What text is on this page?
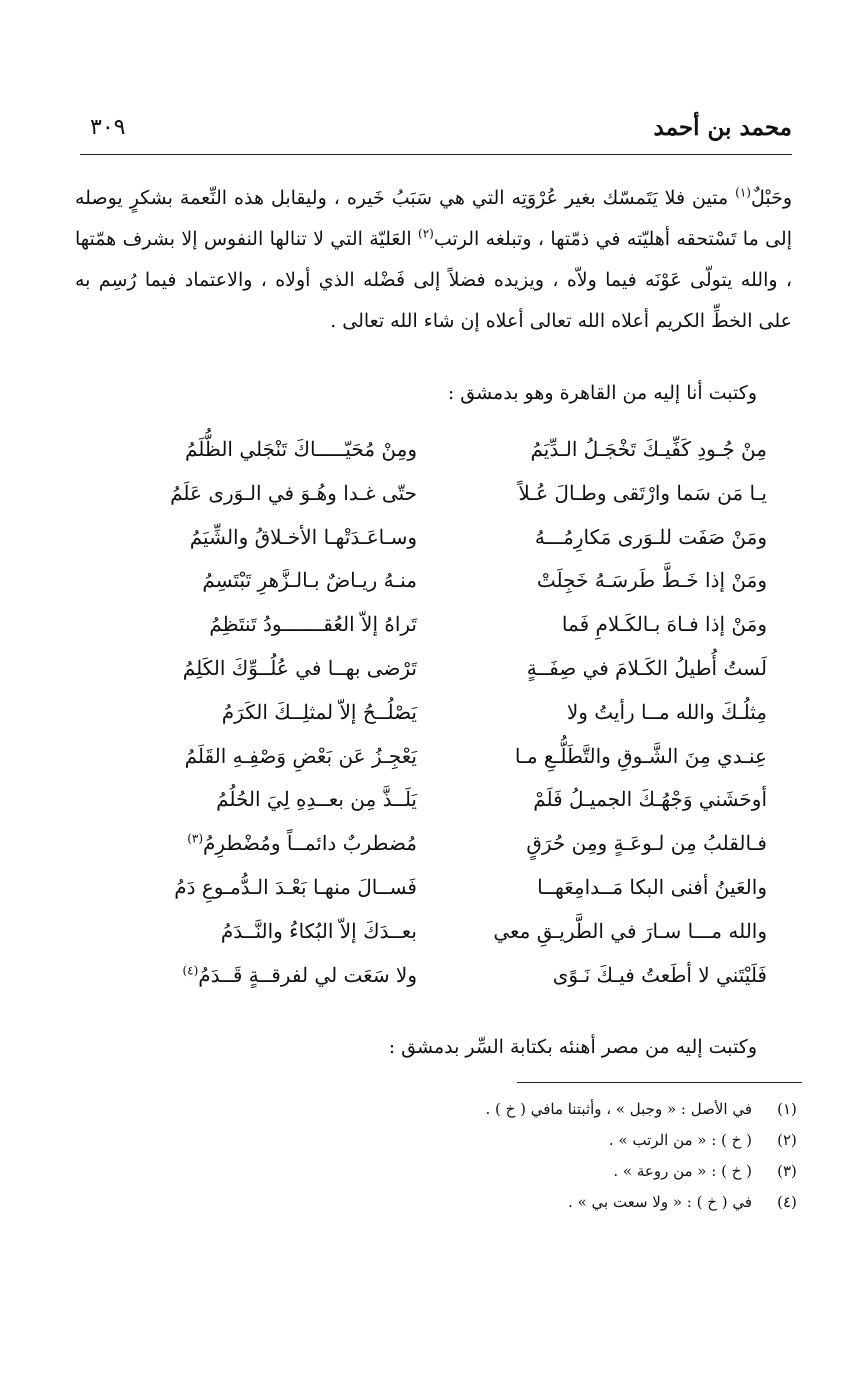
محمد بن أحمد
٣٠٩

وحَبْلٌ$^{(١)}$ متين فلا يَتَمسّك بغير عُرْوَتِه التي هي سَبَبُ خَيره ، وليقابل هذه النِّعمة بشكرٍ يوصله إلى ما تَسْتحقه أهليّته في ذمّتها ، وتبلغه الرتب$^{(٢)}$ العَليّة التي لا تنالها النفوس إلا بشرف همّتها ، والله يتولّى عَوْنَه فيما ولاّه ، ويزيده فضلاً إلى فَضْله الذي أولاه ، والاعتماد فيما رُسِم به على الخطِّ الكريم أعلاه الله تعالى أعلاه إن شاء الله تعالى .

وكتبت أنا إليه من القاهرة وهو بدمشق :
مِنْ جُـودِ كَفِّيـكَ تَخْجَـلُ الـدِّيَمُ
ومِنْ مُحَيّـــــاكَ تَنْجَلي الظُّلَمُ
يـا مَن سَما وارْتَقى وطـالَ عُـلاً
حتّى غـدا وهُـوَ في الـوَرى عَلَمُ
ومَنْ صَفَت للـوَرى مَكارِمُـــهُ
وسـاعَـدَتْهـا الأخـلاقُ والشِّيَمُ
ومَنْ إذا خَـطَّ طَرسَـهُ خَجِلَتْ
منـهُ ريـاضٌ بـالـزَّهرِ تَبْتَسِمُ
ومَنْ إذا فـاهَ بـالكَـلامِ فَما
تَراهُ إلاّ العُقـــــــودُ تَنتَظِمُ
لَستُ أُطيلُ الكَـلامَ في صِفَــةٍ
تَرْضى بهــا في عُلُــوِّكَ الكَلِمُ
مِثلُـكَ والله مــا رأيتُ ولا
يَصْلُــحُ إلاّ لمثلِــكَ الكَرَمُ
عِنـدي مِنَ الشَّـوقِ والتَّطَلُّـعِ مـا
يَعْجِـزُ عَن بَعْضِ وَصْفِـهِ القَلَمُ
أوحَشَني وَجْهُـكَ الجميـلُ فَلَمْ
يَلَــذَّ مِن بعــدِهِ لِيَ الحُلُمُ
فـالقلبُ مِن لـوعَـةٍ ومِن حُرَقٍ
مُضطربٌ دائمــاً ومُضْطرِمُ$^{(٣)}$
والعَينُ أفنى البكا مَــدامِعَهــا
فَســالَ منهـا بَعْـدَ الـدُّمـوعِ دَمُ
والله مـــا سـارَ في الطَّريـقِ معي
بعــدَكَ إلاّ البُكاءُ والنَّــدَمُ
فَلَيْتَني لا أطَعتُ فيـكَ نَـوًى
ولا سَعَت لي لفرقــةٍ قَــدَمُ$^{(٤)}$
وكتبت إليه من مصر أهنئه بكتابة السِّر بدمشق :
(١)
في الأصل : « وجبل » ، وأثبتنا مافي ( خ ) .
(٢)
( خ ) : « من الرتب » .
(٣)
( خ ) : « من روعة » .
(٤)
في ( خ ) : « ولا سعت بي » .
